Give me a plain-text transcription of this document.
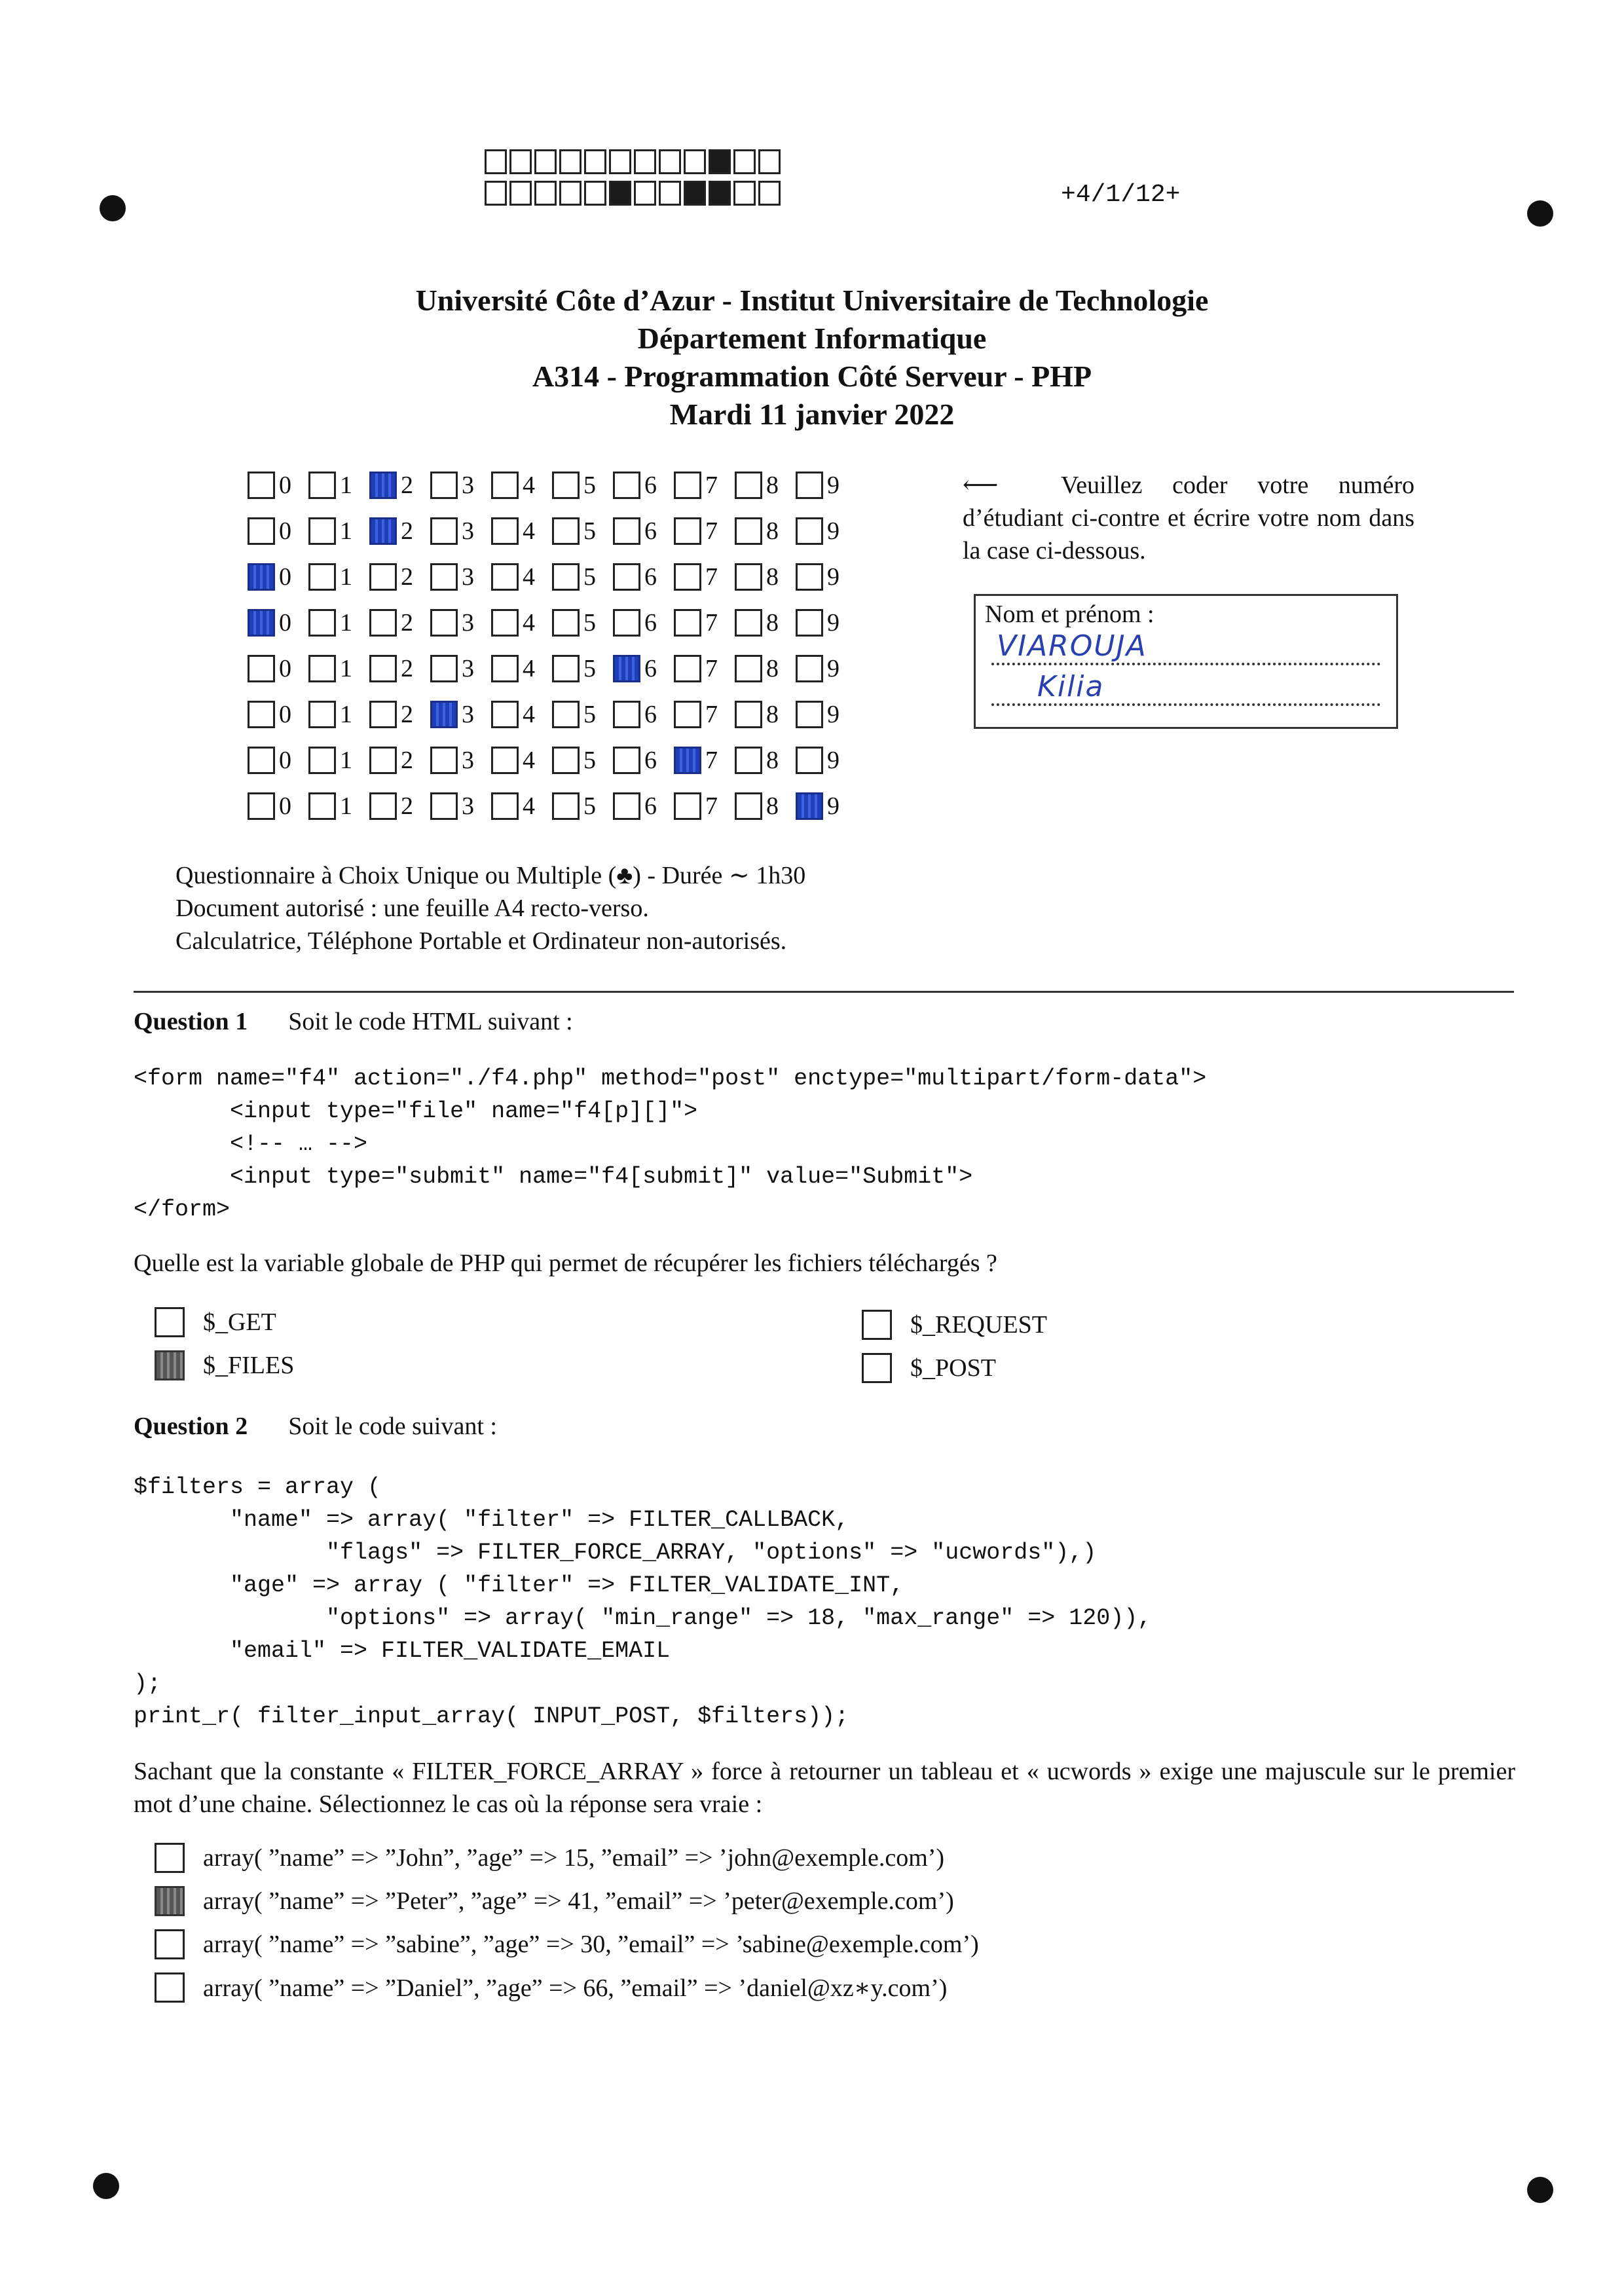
+4/1/12+
Université Côte d’Azur - Institut Universitaire de Technologie
Département Informatique
A314 - Programmation Côté Serveur - PHP
Mardi 11 janvier 2022
0 1 2 3 4 5 6 7 8 9
0 1 2 3 4 5 6 7 8 9
0 1 2 3 4 5 6 7 8 9
0 1 2 3 4 5 6 7 8 9
0 1 2 3 4 5 6 7 8 9
0 1 2 3 4 5 6 7 8 9
0 1 2 3 4 5 6 7 8 9
0 1 2 3 4 5 6 7 8 9
⟵	Veuillez coder votre numéro d’étudiant ci-contre et écrire votre nom dans la case ci-dessous.
Nom et prénom :
VIAROUJA
Kilia
Questionnaire à Choix Unique ou Multiple (♣) - Durée ∼ 1h30
Document autorisé : une feuille A4 recto-verso.
Calculatrice, Téléphone Portable et Ordinateur non-autorisés.
Question 1 Soit le code HTML suivant :
<form name="f4" action="./f4.php" method="post" enctype="multipart/form-data">
<input type="file" name="f4[p][]">
<!-- … -->
<input type="submit" name="f4[submit]" value="Submit">
</form>
Quelle est la variable globale de PHP qui permet de récupérer les fichiers téléchargés ?
$_GET
$_FILES
$_REQUEST
$_POST
Question 2 Soit le code suivant :
$filters = array (
"name" => array( "filter" => FILTER_CALLBACK,
"flags" => FILTER_FORCE_ARRAY, "options" => "ucwords"),)
"age" => array ( "filter" => FILTER_VALIDATE_INT,
"options" => array( "min_range" => 18, "max_range" => 120)),
"email" => FILTER_VALIDATE_EMAIL
);
print_r( filter_input_array( INPUT_POST, $filters));
Sachant que la constante « FILTER_FORCE_ARRAY » force à retourner un tableau et « ucwords » exige une majuscule sur le premier mot d’une chaine. Sélectionnez le cas où la réponse sera vraie :
array( ”name” => ”John”, ”age” => 15, ”email” => ’john@exemple.com’)
array( ”name” => ”Peter”, ”age” => 41, ”email” => ’peter@exemple.com’)
array( ”name” => ”sabine”, ”age” => 30, ”email” => ’sabine@exemple.com’)
array( ”name” => ”Daniel”, ”age” => 66, ”email” => ’daniel@xz∗y.com’)
